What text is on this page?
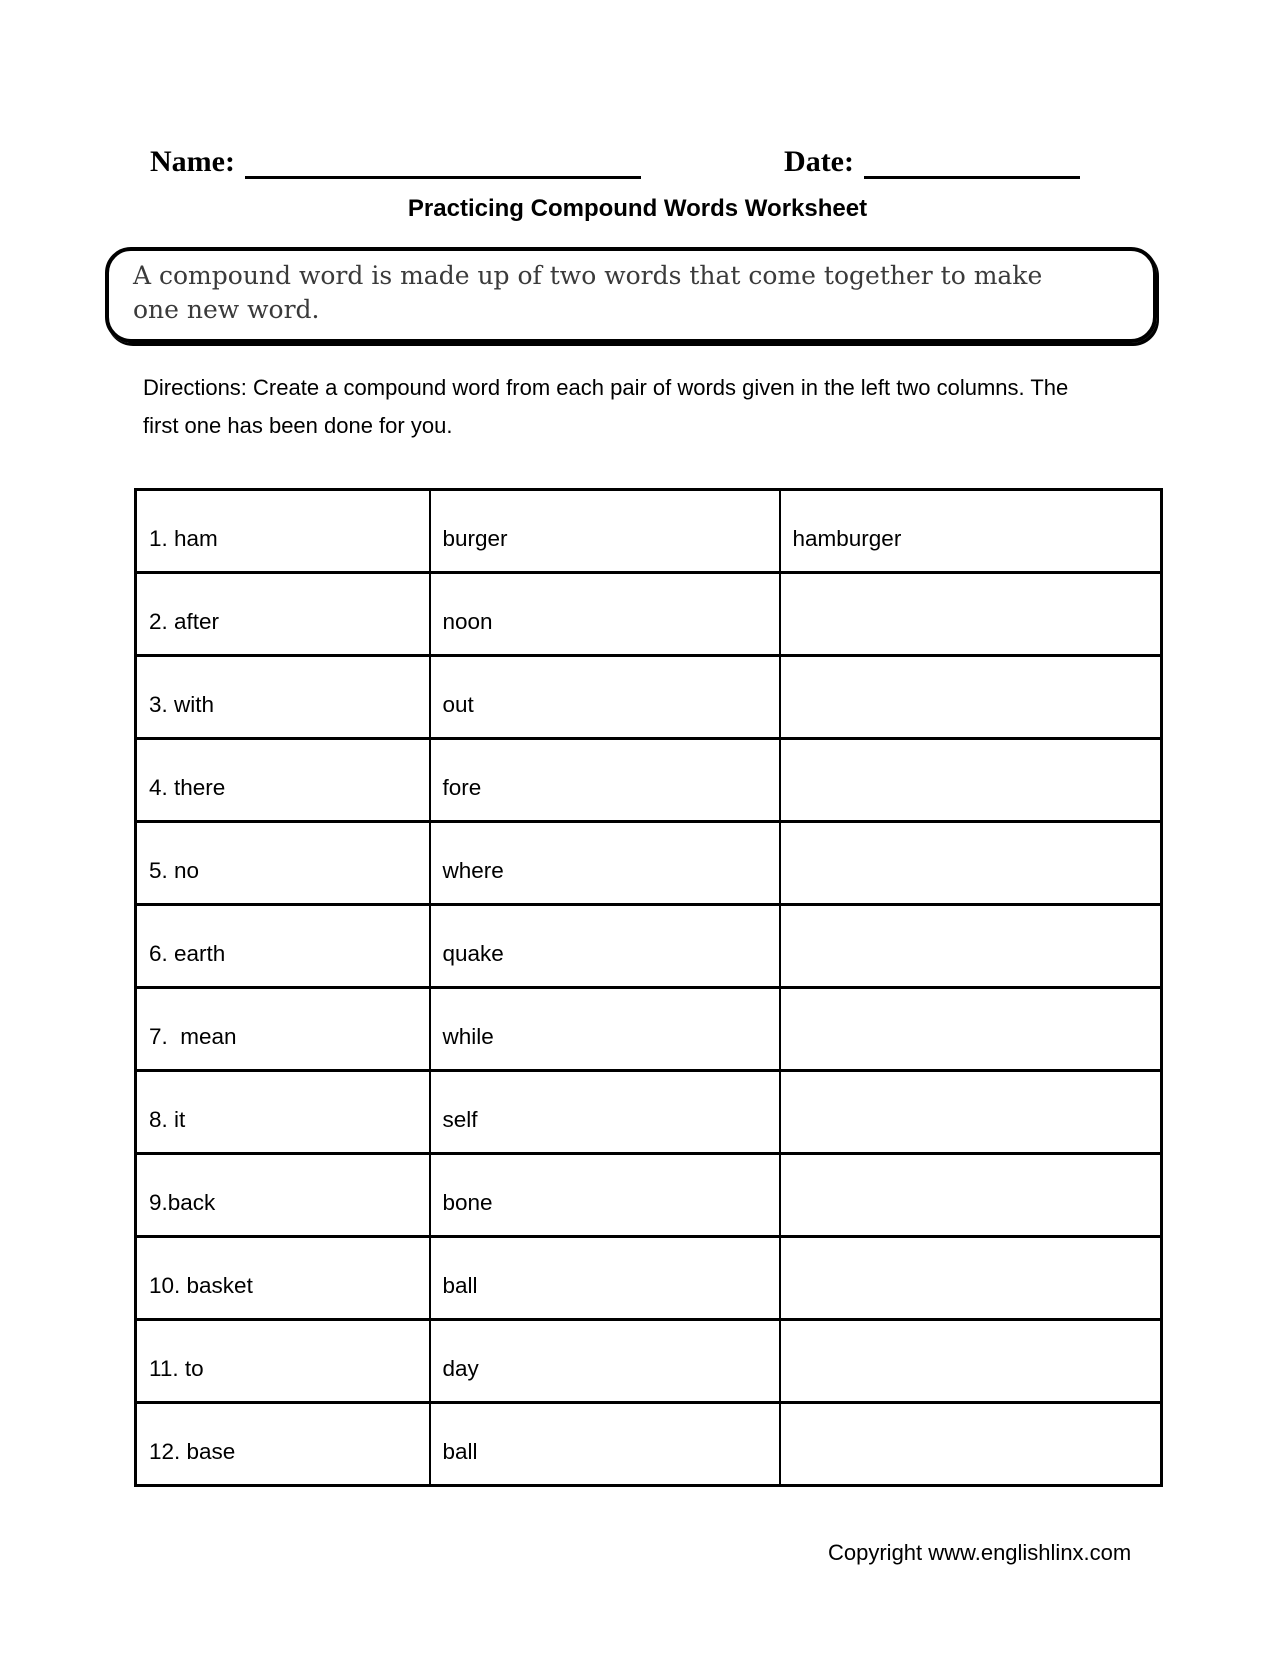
Name:	Date:
Practicing Compound Words Worksheet

A compound word is made up of two words that come together to make one new word.

Directions: Create a compound word from each pair of words given in the left two columns. The first one has been done for you.
1. ham	burger	hamburger
2. after	noon	
3. with	out	
4. there	fore	
5. no	where	
6. earth	quake	
7.  mean	while	
8. it	self	
9.back	bone	
10. basket	ball	
11. to	day	
12. base	ball	
Copyright www.englishlinx.com
